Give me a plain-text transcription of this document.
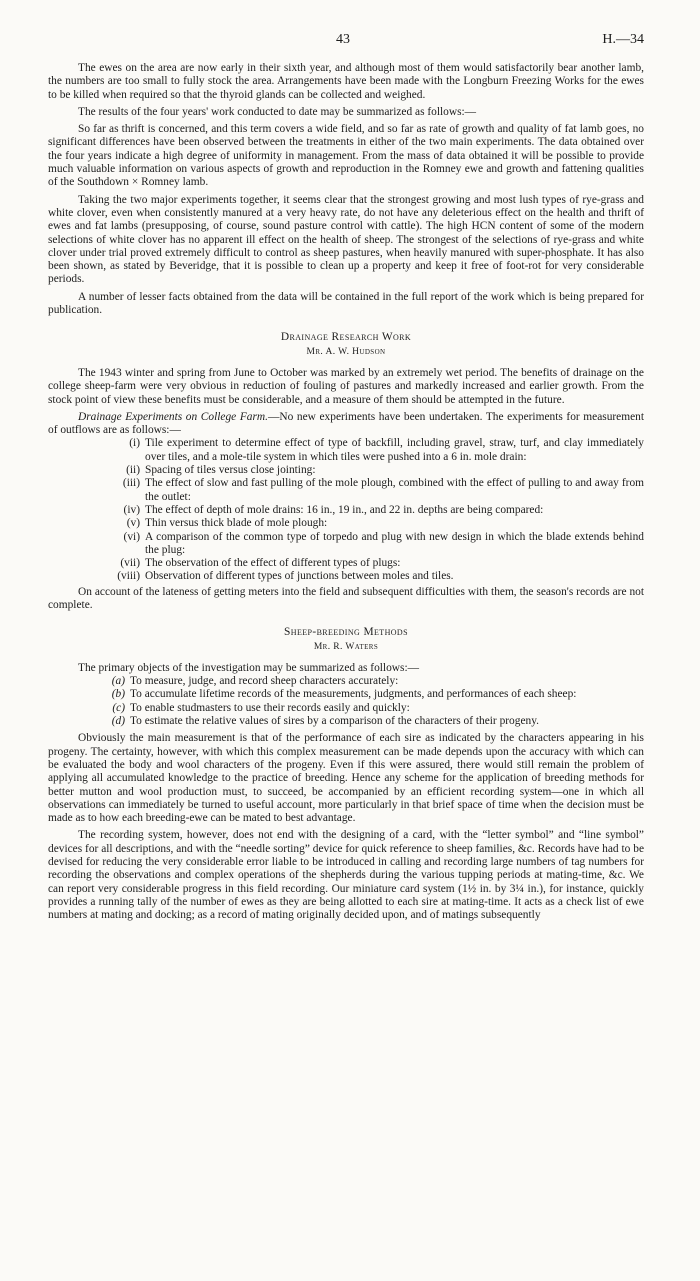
43	H.—34

The ewes on the area are now early in their sixth year, and although most of them would satisfactorily bear another lamb, the numbers are too small to fully stock the area. Arrangements have been made with the Longburn Freezing Works for the ewes to be killed when required so that the thyroid glands can be collected and weighed.

The results of the four years' work conducted to date may be summarized as follows:—

So far as thrift is concerned, and this term covers a wide field, and so far as rate of growth and quality of fat lamb goes, no significant differences have been observed between the treatments in either of the two main experiments. The data obtained over the four years indicate a high degree of uniformity in management. From the mass of data obtained it will be possible to provide much valuable information on various aspects of growth and reproduction in the Romney ewe and growth and fattening qualities of the Southdown × Romney lamb.

Taking the two major experiments together, it seems clear that the strongest growing and most lush types of rye-grass and white clover, even when consistently manured at a very heavy rate, do not have any deleterious effect on the health and thrift of ewes and fat lambs (presupposing, of course, sound pasture control with cattle). The high HCN content of some of the modern selections of white clover has no apparent ill effect on the health of sheep. The strongest of the selections of rye-grass and white clover under trial proved extremely difficult to control as sheep pastures, when heavily manured with super-phosphate. It has also been shown, as stated by Beveridge, that it is possible to clean up a property and keep it free of foot-rot for very considerable periods.

A number of lesser facts obtained from the data will be contained in the full report of the work which is being prepared for publication.

Drainage Research Work
Mr. A. W. Hudson

The 1943 winter and spring from June to October was marked by an extremely wet period. The benefits of drainage on the college sheep-farm were very obvious in reduction of fouling of pastures and markedly increased and earlier growth. From the stock point of view these benefits must be considerable, and a measure of them should be attempted in the future.

Drainage Experiments on College Farm.—No new experiments have been undertaken. The experiments for measurement of outflows are as follows:—

(i) Tile experiment to determine effect of type of backfill, including gravel, straw, turf, and clay immediately over tiles, and a mole-tile system in which tiles were pushed into a 6 in. mole drain:
(ii) Spacing of tiles versus close jointing:
(iii) The effect of slow and fast pulling of the mole plough, combined with the effect of pulling to and away from the outlet:
(iv) The effect of depth of mole drains: 16 in., 19 in., and 22 in. depths are being compared:
(v) Thin versus thick blade of mole plough:
(vi) A comparison of the common type of torpedo and plug with new design in which the blade extends behind the plug:
(vii) The observation of the effect of different types of plugs:
(viii) Observation of different types of junctions between moles and tiles.

On account of the lateness of getting meters into the field and subsequent difficulties with them, the season's records are not complete.

Sheep-breeding Methods
Mr. R. Waters

The primary objects of the investigation may be summarized as follows:—

(a) To measure, judge, and record sheep characters accurately:
(b) To accumulate lifetime records of the measurements, judgments, and performances of each sheep:
(c) To enable studmasters to use their records easily and quickly:
(d) To estimate the relative values of sires by a comparison of the characters of their progeny.

Obviously the main measurement is that of the performance of each sire as indicated by the characters appearing in his progeny. The certainty, however, with which this complex measurement can be made depends upon the accuracy with which can be evaluated the body and wool characters of the progeny. Even if this were assured, there would still remain the problem of applying all accumulated knowledge to the practice of breeding. Hence any scheme for the application of breeding methods for better mutton and wool production must, to succeed, be accompanied by an efficient recording system—one in which all observations can immediately be turned to useful account, more particularly in that brief space of time when the decision must be made as to how each breeding-ewe can be mated to best advantage.

The recording system, however, does not end with the designing of a card, with the “letter symbol” and “line symbol” devices for all descriptions, and with the “needle sorting” device for quick reference to sheep families, &c. Records have had to be devised for reducing the very considerable error liable to be introduced in calling and recording large numbers of tag numbers for recording the observations and complex operations of the shepherds during the various tupping periods at mating-time, &c. We can report very considerable progress in this field recording. Our miniature card system (1½ in. by 3¼ in.), for instance, quickly provides a running tally of the number of ewes as they are being allotted to each sire at mating-time. It acts as a check list of ewe numbers at mating and docking; as a record of mating originally decided upon, and of matings subsequently
